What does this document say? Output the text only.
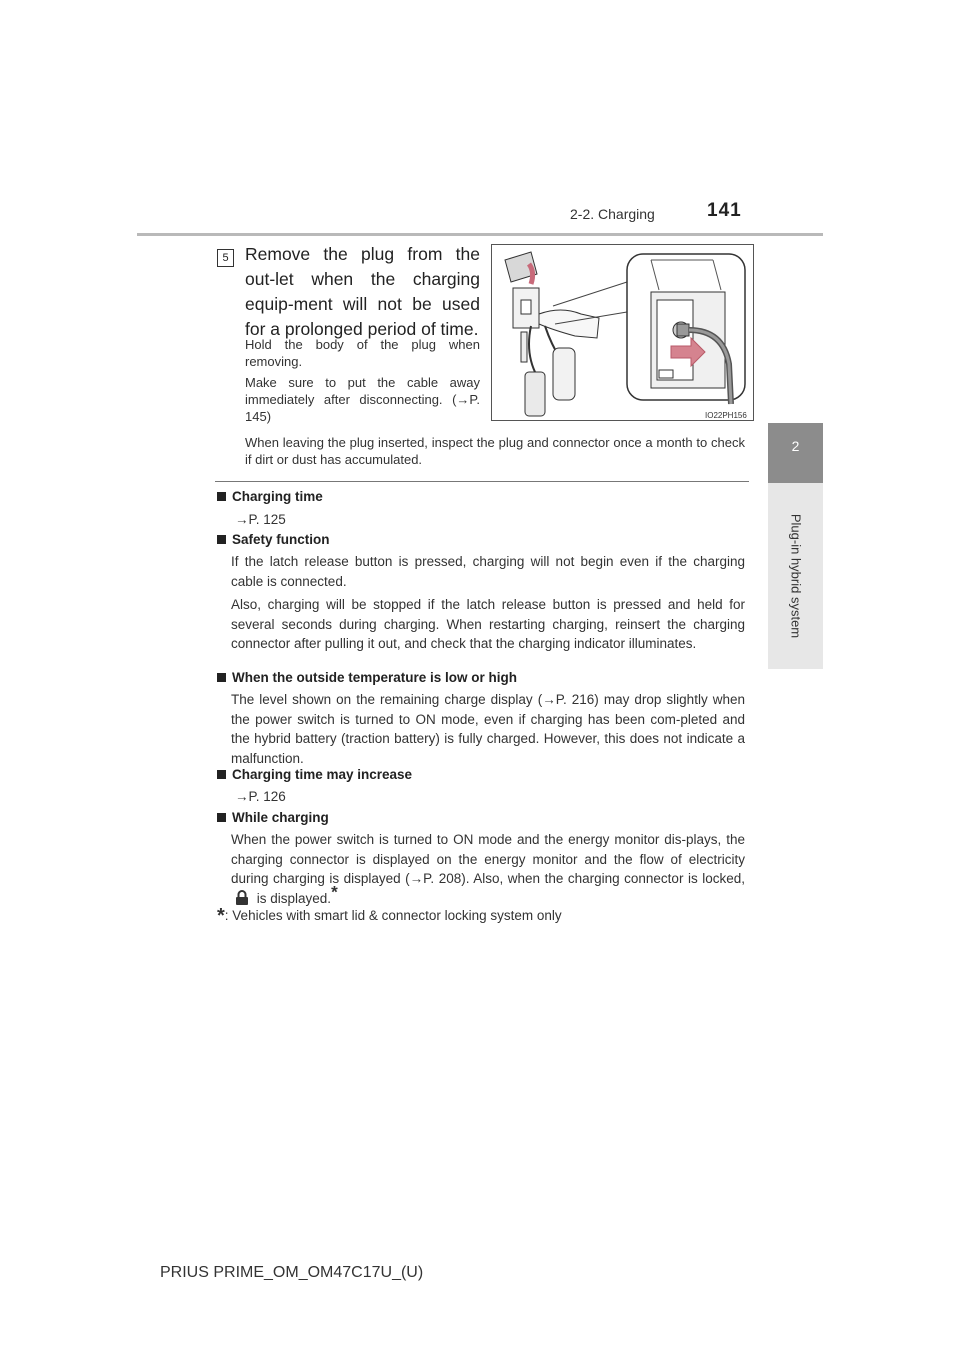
2-2. Charging	141
2
Plug-in hybrid system
5 Remove the plug from the out-let when the charging equip-ment will not be used for a prolonged period of time.
Hold the body of the plug when removing.
Make sure to put the cable away immediately after disconnecting. (→P. 145)
When leaving the plug inserted, inspect the plug and connector once a month to check if dirt or dust has accumulated.
IO22PH156
Charging time
→P. 125
Safety function
If the latch release button is pressed, charging will not begin even if the charging cable is connected.
Also, charging will be stopped if the latch release button is pressed and held for several seconds during charging. When restarting charging, reinsert the charging connector after pulling it out, and check that the charging indicator illuminates.
When the outside temperature is low or high
The level shown on the remaining charge display (→P. 216) may drop slightly when the power switch is turned to ON mode, even if charging has been com-pleted and the hybrid battery (traction battery) is fully charged. However, this does not indicate a malfunction.
Charging time may increase
→P. 126
While charging
When the power switch is turned to ON mode and the energy monitor dis-plays, the charging connector is displayed on the energy monitor and the flow of electricity during charging is displayed (→P. 208). Also, when the charging connector is locked,  is displayed.*
*: Vehicles with smart lid & connector locking system only
PRIUS PRIME_OM_OM47C17U_(U)
